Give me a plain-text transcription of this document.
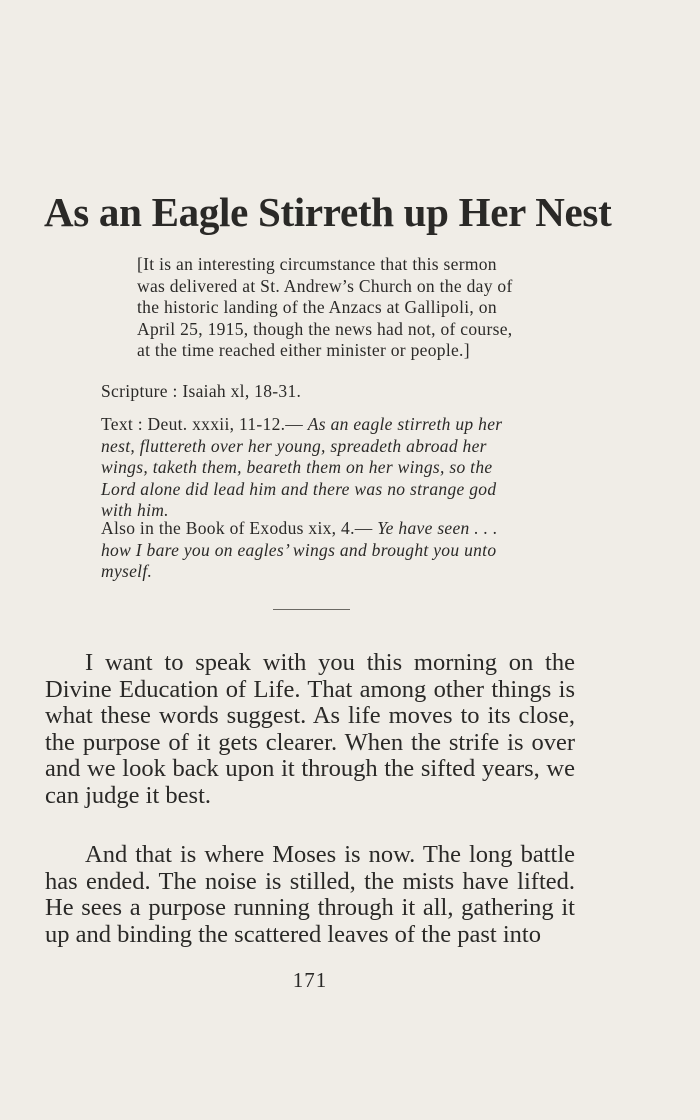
As an Eagle Stirreth up Her Nest
[It is an interesting circumstance that this sermon was delivered at St. Andrew’s Church on the day of the historic landing of the Anzacs at Gallipoli, on April 25, 1915, though the news had not, of course, at the time reached either minister or people.]
Scripture : Isaiah xl, 18-31.
Text : Deut. xxxii, 11-12.— As an eagle stirreth up her nest, fluttereth over her young, spreadeth abroad her wings, taketh them, beareth them on her wings, so the Lord alone did lead him and there was no strange god with him.
Also in the Book of Exodus xix, 4.— Ye have seen . . . how I bare you on eagles’ wings and brought you unto myself.

I want to speak with you this morning on the Divine Education of Life. That among other things is what these words suggest. As life moves to its close, the purpose of it gets clearer. When the strife is over and we look back upon it through the sifted years, we can judge it best.

And that is where Moses is now. The long battle has ended. The noise is stilled, the mists have lifted. He sees a purpose running through it all, gathering it up and binding the scattered leaves of the past into

171
